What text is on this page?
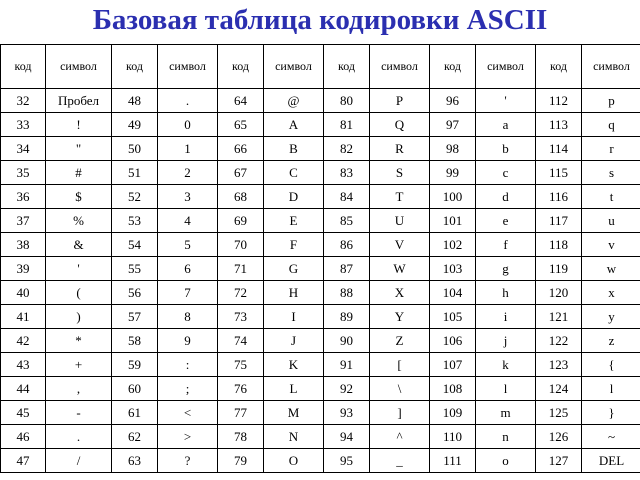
Базовая таблица кодировки ASCII
код	символ	код	символ	код	символ	код	символ	код	символ	код	символ
32	Пробел	48	.	64	@	80	P	96	'	112	p
33	!	49	0	65	A	81	Q	97	a	113	q
34	"	50	1	66	B	82	R	98	b	114	r
35	#	51	2	67	C	83	S	99	c	115	s
36	$	52	3	68	D	84	T	100	d	116	t
37	%	53	4	69	E	85	U	101	e	117	u
38	&	54	5	70	F	86	V	102	f	118	v
39	'	55	6	71	G	87	W	103	g	119	w
40	(	56	7	72	H	88	X	104	h	120	x
41	)	57	8	73	I	89	Y	105	i	121	y
42	*	58	9	74	J	90	Z	106	j	122	z
43	+	59	:	75	K	91	[	107	k	123	{
44	,	60	;	76	L	92	\	108	l	124	l
45	-	61	<	77	M	93	]	109	m	125	}
46	.	62	>	78	N	94	^	110	n	126	~
47	/	63	?	79	O	95	_	111	o	127	DEL
